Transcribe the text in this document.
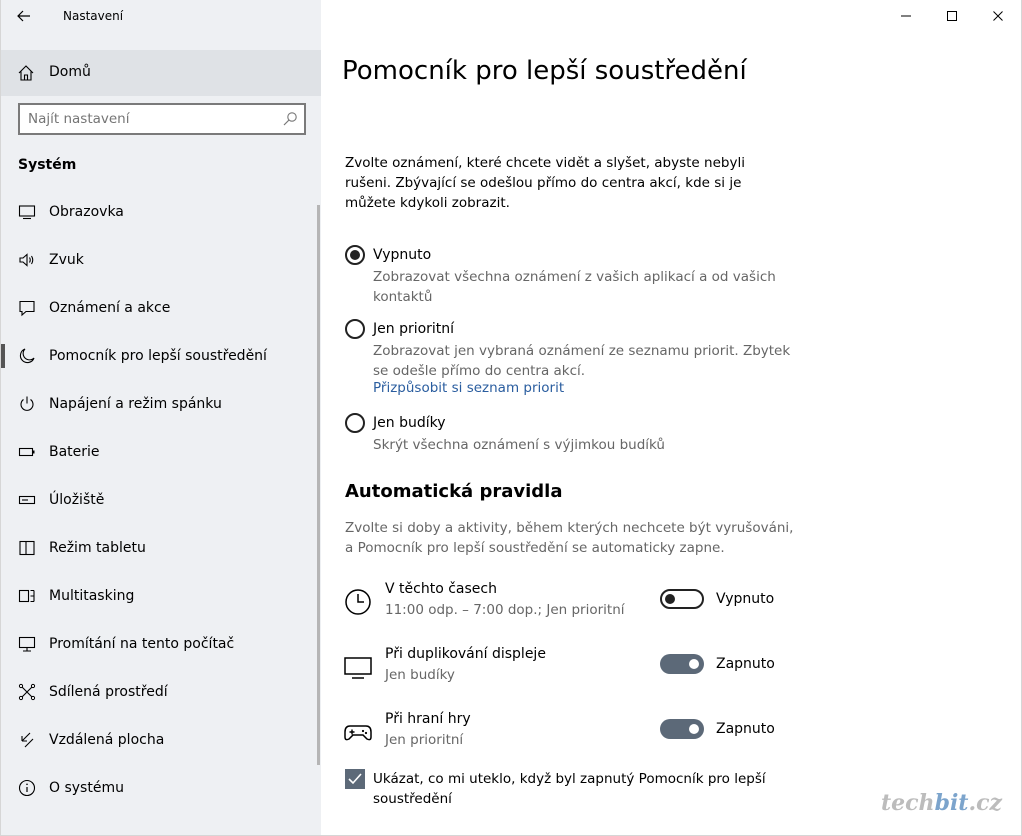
Nastavení
Domů
Najít nastavení
Systém
Obrazovka
Zvuk
Oznámení a akce
Pomocník pro lepší soustředění
Napájení a režim spánku
Baterie
Úložiště
Režim tabletu
Multitasking
Promítání na tento počítač
Sdílená prostředí
Vzdálená plocha
O systému
Pomocník pro lepší soustředění

Zvolte oznámení, které chcete vidět a slyšet, abyste nebyli rušeni. Zbývající se odešlou přímo do centra akcí, kde si je můžete kdykoli zobrazit.

Vypnuto

Zobrazovat všechna oznámení z vašich aplikací a od vašich kontaktů

Jen prioritní

Zobrazovat jen vybraná oznámení ze seznamu priorit. Zbytek se odešle přímo do centra akcí.

Přizpůsobit si seznam priorit
Jen budíky

Skrýt všechna oznámení s výjimkou budíků

Automatická pravidla

Zvolte si doby a aktivity, během kterých nechcete být vyrušováni, a Pomocník pro lepší soustředění se automaticky zapne.

V těchto časech
11:00 odp. – 7:00 dop.; Jen prioritní
Vypnuto
Při duplikování displeje
Jen budíky
Zapnuto
Při hraní hry
Jen prioritní
Zapnuto

Ukázat, co mi uteklo, když byl zapnutý Pomocník pro lepší soustředění	techbit.cz
